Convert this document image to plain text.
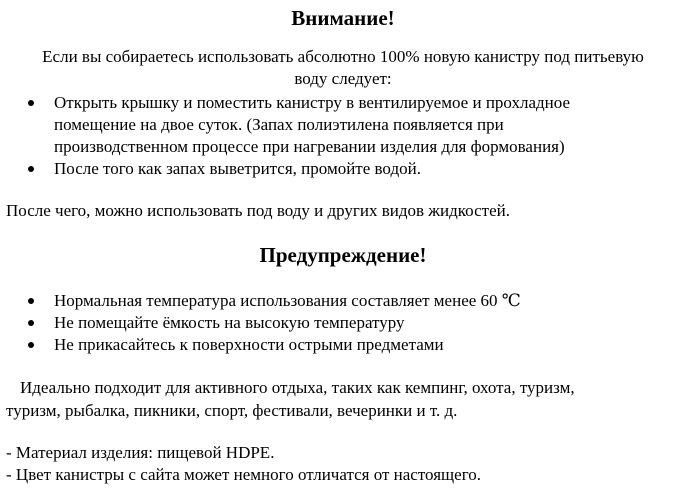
Внимание!

Если вы собираетесь использовать абсолютно 100% новую канистру под питьевую

воду следует:

Открыть крышку и поместить канистру в вентилируемое и прохладное
помещение на двое суток. (Запах полиэтилена появляется при
производственном процессе при нагревании изделия для формования)
После того как запах выветрится, промойте водой.

После чего, можно использовать под воду и других видов жидкостей.

Предупреждение!
Нормальная температура использования составляет менее 60 ℃
Не помещайте ёмкость на высокую температуру
Не прикасайтесь к поверхности острыми предметами

Идеально подходит для активного отдыха, таких как кемпинг, охота, туризм,

туризм, рыбалка, пикники, спорт, фестивали, вечеринки и т. д.

- Материал изделия: пищевой HDPE.

- Цвет канистры с сайта может немного отличатся от настоящего.
